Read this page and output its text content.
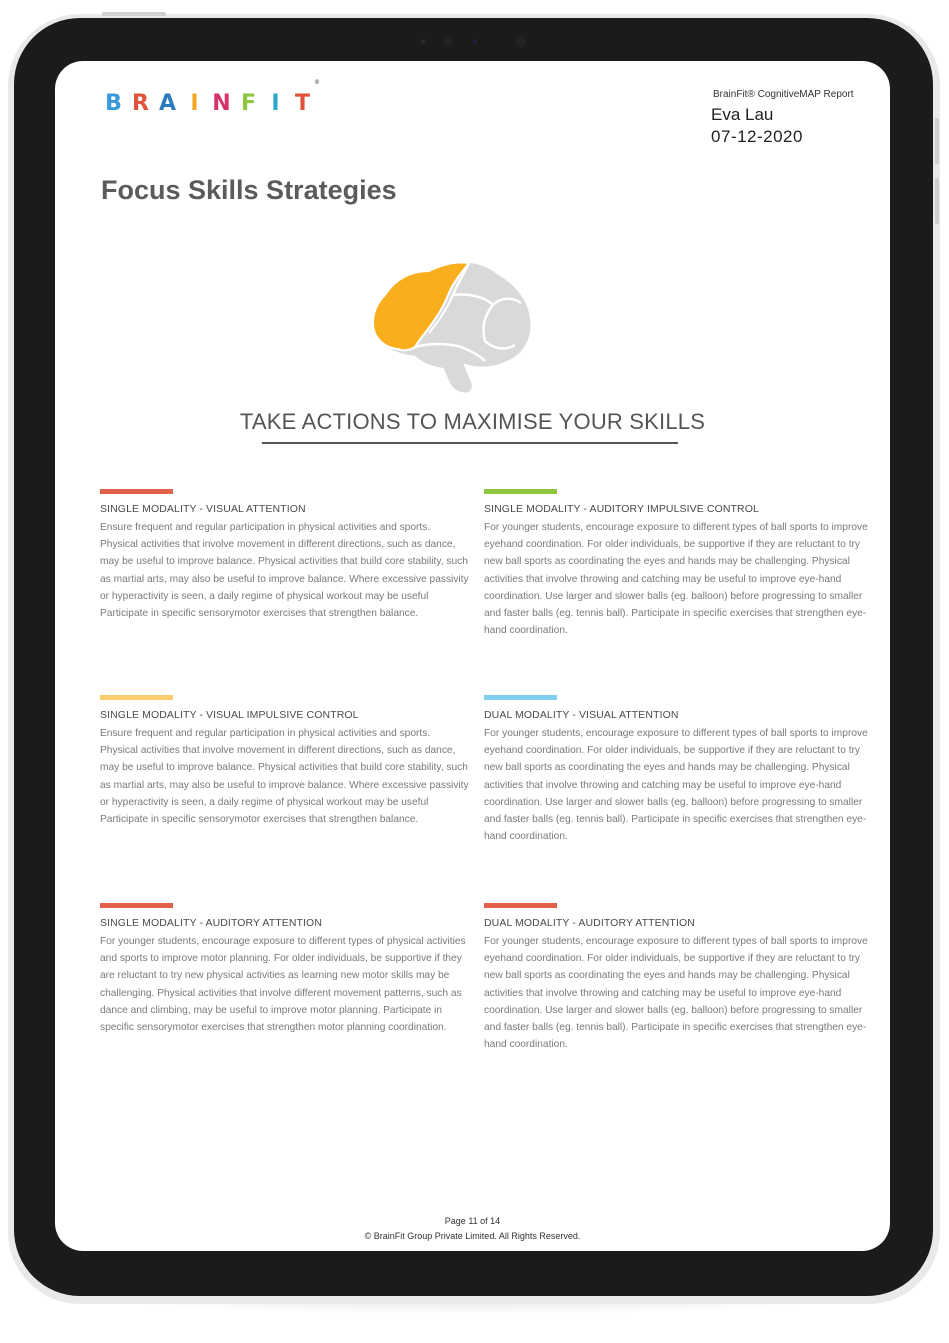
B R A I N F I T
®
BrainFit® CognitiveMAP Report
Eva Lau
07-12-2020
Focus Skills Strategies
TAKE ACTIONS TO MAXIMISE YOUR SKILLS
SINGLE MODALITY - VISUAL ATTENTION
Ensure frequent and regular participation in physical activities and sports. Physical activities that involve movement in different directions, such as dance, may be useful to improve balance. Physical activities that build core stability, such as martial arts, may also be useful to improve balance. Where excessive passivity or hyperactivity is seen, a daily regime of physical workout may be useful Participate in specific sensorymotor exercises that strengthen balance.
SINGLE MODALITY - AUDITORY IMPULSIVE CONTROL
For younger students, encourage exposure to different types of ball sports to improve eyehand coordination. For older individuals, be supportive if they are reluctant to try new ball sports as coordinating the eyes and hands may be challenging. Physical activities that involve throwing and catching may be useful to improve eye-hand coordination. Use larger and slower balls (eg. balloon) before progressing to smaller and faster balls (eg. tennis ball). Participate in specific exercises that strengthen eye-hand coordination.
SINGLE MODALITY - VISUAL IMPULSIVE CONTROL
Ensure frequent and regular participation in physical activities and sports. Physical activities that involve movement in different directions, such as dance, may be useful to improve balance. Physical activities that build core stability, such as martial arts, may also be useful to improve balance. Where excessive passivity or hyperactivity is seen, a daily regime of physical workout may be useful Participate in specific sensorymotor exercises that strengthen balance.
DUAL MODALITY - VISUAL ATTENTION
For younger students, encourage exposure to different types of ball sports to improve eyehand coordination. For older individuals, be supportive if they are reluctant to try new ball sports as coordinating the eyes and hands may be challenging. Physical activities that involve throwing and catching may be useful to improve eye-hand coordination. Use larger and slower balls (eg. balloon) before progressing to smaller and faster balls (eg. tennis ball). Participate in specific exercises that strengthen eye-hand coordination.
SINGLE MODALITY - AUDITORY ATTENTION
For younger students, encourage exposure to different types of physical activities and sports to improve motor planning. For older individuals, be supportive if they are reluctant to try new physical activities as learning new motor skills may be challenging. Physical activities that involve different movement patterns, such as dance and climbing, may be useful to improve motor planning. Participate in specific sensorymotor exercises that strengthen motor planning coordination.
DUAL MODALITY - AUDITORY ATTENTION
For younger students, encourage exposure to different types of ball sports to improve eyehand coordination. For older individuals, be supportive if they are reluctant to try new ball sports as coordinating the eyes and hands may be challenging. Physical activities that involve throwing and catching may be useful to improve eye-hand coordination. Use larger and slower balls (eg. balloon) before progressing to smaller and faster balls (eg. tennis ball). Participate in specific exercises that strengthen eye-hand coordination.
Page 11 of 14
© BrainFit Group Private Limited. All Rights Reserved.
